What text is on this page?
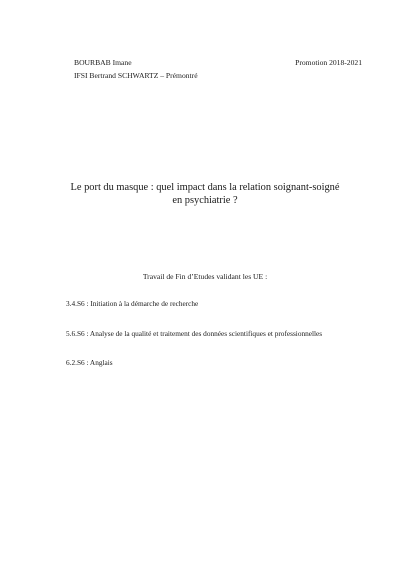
BOURBAB Imane	Promotion 2018-2021
IFSI Bertrand SCHWARTZ – Prémontré
Le port du masque : quel impact dans la relation soignant-soigné
en psychiatrie ?
Travail de Fin d’Etudes validant les UE :
3.4.S6 : Initiation à la démarche de recherche
5.6.S6 : Analyse de la qualité et traitement des données scientifiques et professionnelles
6.2.S6 : Anglais
